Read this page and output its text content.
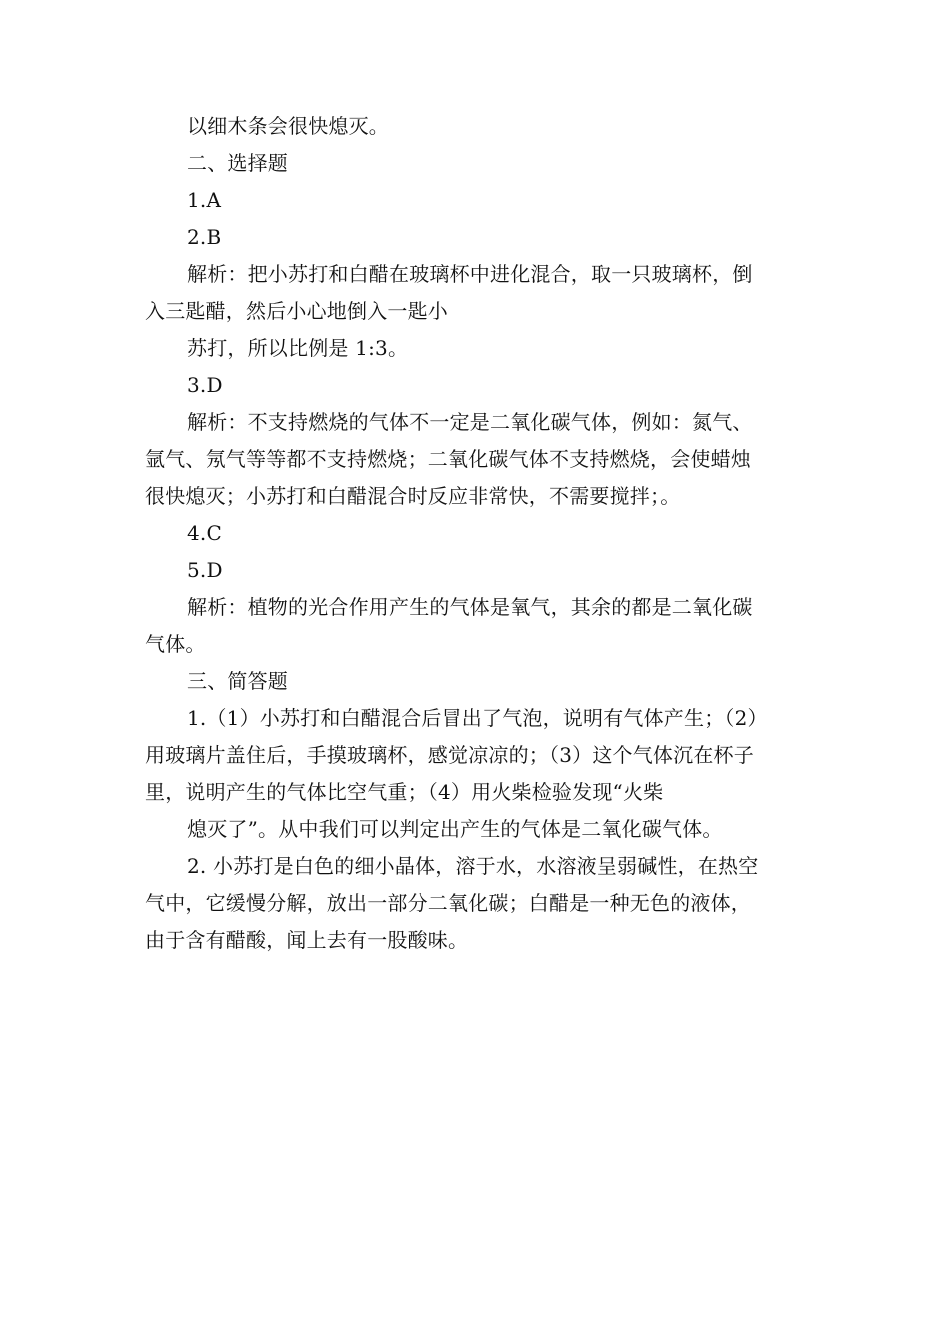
以细木条会很快熄灭。
二、选择题
1.A
2.B
解析：把小苏打和白醋在玻璃杯中进化混合，取一只玻璃杯，倒
入三匙醋，然后小心地倒入一匙小
苏打，所以比例是 1:3。
3.D
解析：不支持燃烧的气体不一定是二氧化碳气体，例如：氮气、
氩气、氖气等等都不支持燃烧；二氧化碳气体不支持燃烧，会使蜡烛
很快熄灭；小苏打和白醋混合时反应非常快，不需要搅拌；。
4.C
5.D
解析：植物的光合作用产生的气体是氧气，其余的都是二氧化碳
气体。
三、简答题
1.（1）小苏打和白醋混合后冒出了气泡，说明有气体产生；（2）
用玻璃片盖住后，手摸玻璃杯，感觉凉凉的；（3）这个气体沉在杯子
里，说明产生的气体比空气重；（4）用火柴检验发现“火柴
熄灭了”。从中我们可以判定出产生的气体是二氧化碳气体。
2. 小苏打是白色的细小晶体，溶于水，水溶液呈弱碱性，在热空
气中，它缓慢分解，放出一部分二氧化碳；白醋是一种无色的液体，
由于含有醋酸，闻上去有一股酸味。
